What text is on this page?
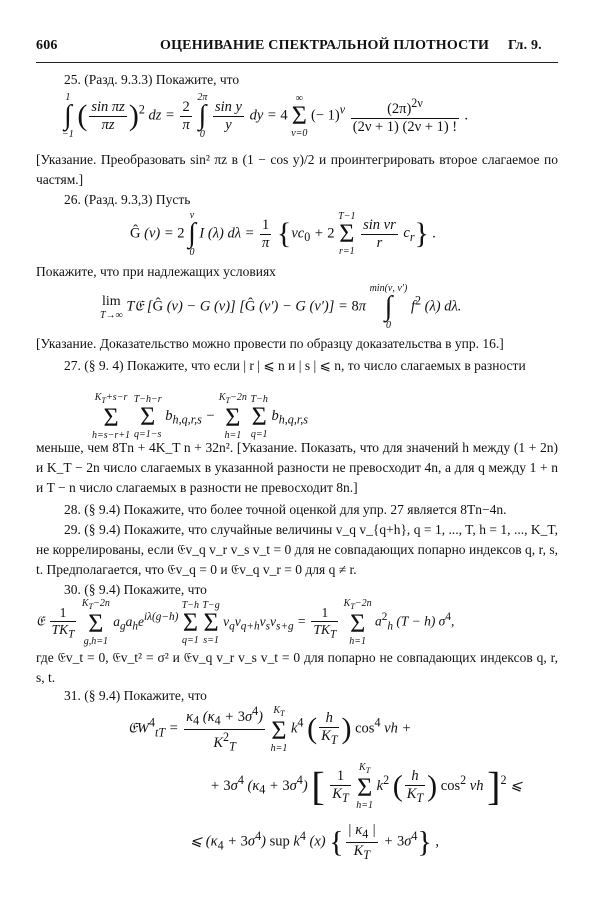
606	ОЦЕНИВАНИЕ СПЕКТРАЛЬНОЙ ПЛОТНОСТИ Гл. 9.
25. (Разд. 9.3.3) Покажите, что
1
∫
−1 ( $\frac{\text{sin πz}}{\pi z} )^2$ dz = $\frac{2}{\pi}$
2π
∫
0
$\frac{\text{sin y}}{y}$ dy = 4 ∞
Σ
ν=0 (− $1)^\nu \frac{(2\pi)^{2\nu}}{(2\nu + 1) (2\nu + 1) !}$ .
[Указание. Преобразовать sin² πz в (1 − cos y)/2 и проинтегрировать второе слагаемое по частям.]
26. (Разд. 9.3,3) Пусть
Ĝ (ν) = 2 ν
∫
0 I (λ) $d\lambda = \frac{1}{\pi} \{\nu c_0 + 2$ T−1
Σ
$r=1 \frac{\text{sin νr}}{r} c_r$} .
Покажите, что при надлежащих условиях
lim
T→∞ T𝔈 [Ĝ (ν) − G (ν)] [Ĝ (ν′) − G (ν′)] = 8π min(ν, ν′)
∫
0 $f^2$ (λ) dλ.
[Указание. Доказательство можно провести по образцу доказательства в упр. 16.]
27. (§ 9. 4) Покажите, что если | r | ⩽ n и | s | ⩽ n, то число слагаемых в разности
$K_T+s-r$
Σ
h=s−r+1 T−h−r
Σ
q=1−s $b_{h,q,r,s} - K_T-2n$
Σ
h=1 T−h
Σ
q=1 $b_{h,q,r,s}$
меньше, чем 8Tn + 4K_T n + 32n². [Указание. Показать, что для значений h между (1 + 2n) и K_T − 2n число слагаемых в указанной разности не превосходит 4n, а для q между 1 + n и T − n число слагаемых в разности не превосходит 8n.]
28. (§ 9.4) Покажите, что более точной оценкой для упр. 27 является 8Tn−4n.
29. (§ 9.4) Покажите, что случайные величины v_q v_{q+h}, q = 1, ..., T, h = 1, ..., K_T, не коррелированы, если 𝔈v_q v_r v_s v_t = 0 для не совпадающих попарно индексов q, r, s, t. Предполагается, что 𝔈v_q = 0 и 𝔈v_q v_r = 0 для q ≠ r.
30. (§ 9.4) Покажите, что
𝔈 $\frac{1}{TK_T}$
$K_T-2n$
Σ
g,h=1 $a_ga_he^{i\lambda(g-h)}$ T−h
Σ
q=1 T−g
Σ
s=1 $v_qv_{q+h}v_sv_{s+g} = \frac{1}{TK_T}$
$K_T-2n$
Σ
h=1 $a^2_h$ (T − h) $\sigma^4$,
где 𝔈v_t = 0, 𝔈v_t² = σ² и 𝔈v_q v_r v_s v_t = 0 для попарно не совпадающих индексов q, r, s, t.
31. (§ 9.4) Покажите, что
𝔈W$^4_{tT}$ = $\frac{\kappa_4 (\kappa_4 + 3\sigma^4)}{K^2_T} K_T$
Σ
h=1 $k^4$ ( $\frac{h}{K_T}$ ) $\cos^4 \nu h$ +
+ $3\sigma^4$ $(\kappa_4 + 3\sigma^4)$ [ $\frac{1}{K_T}$
$K_T$
Σ
h=1 $k^2$ ( $\frac{h}{K_T}$ ) $\cos^2 \nu h$ ]$^2$ ⩽
⩽ $(\kappa_4 + 3\sigma^4)$ sup $k^4$ (x) { $\frac{| \kappa_4 |}{K_T} + 3\sigma^4$} ,
